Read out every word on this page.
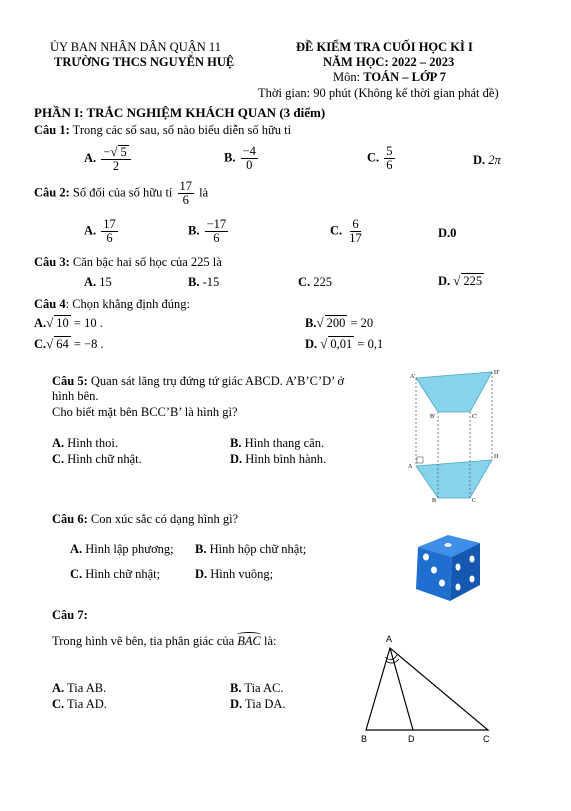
ỦY BAN NHÂN DÂN QUẬN 11
TRƯỜNG THCS NGUYỄN HUỆ
ĐỀ KIỂM TRA CUỐI HỌC KÌ I
NĂM HỌC: 2022 – 2023
Môn: TOÁN – LỚP 7
Thời gian: 90 phút (Không kể thời gian phát đề)
PHẦN I: TRẮC NGHIỆM KHÁCH QUAN (3 điểm)
Câu 1: Trong các số sau, số nào biểu diễn số hữu tỉ
A. $\frac{-√ 5}{2}$	B. $\frac{-4}{0}$	C. $\frac{5}{6}$	D. 2π
Câu 2: Số đối của số hữu tỉ $\frac{17}{6}$ là
A. $\frac{17}{6}$	B. $\frac{-17}{6}$	C. $\frac{6}{17}$	D.0
Câu 3: Căn bậc hai số học của 225 là
A. 15	B. -15	C. 225	D. √ 225
Câu 4: Chọn khẳng định đúng:
A.√ 10 = 10 .	B.√ 200 = 20
C.√ 64 = −8 .	D. √ 0,01 = 0,1
Câu 5: Quan sát lăng trụ đứng tứ giác ABCD. A’B’C’D’ ở
hình bên.
Cho biết mặt bên BCC’B’ là hình gì?
A. Hình thoi.	B. Hình thang cân.
C. Hình chữ nhật.	D. Hình bình hành.
A'
D'
B'	C'
A
D
B	C
Câu 6: Con xúc sắc có dạng hình gì?
A. Hình lập phương; B. Hình hộp chữ nhật;
C. Hình chữ nhật;	D. Hình vuông;
Câu 7:
Trong hình vẽ bên, tia phân giác của BAC là:
A. Tia AB.	B. Tia AC.
C. Tia AD.	D. Tia DA.
A
B	D	C
